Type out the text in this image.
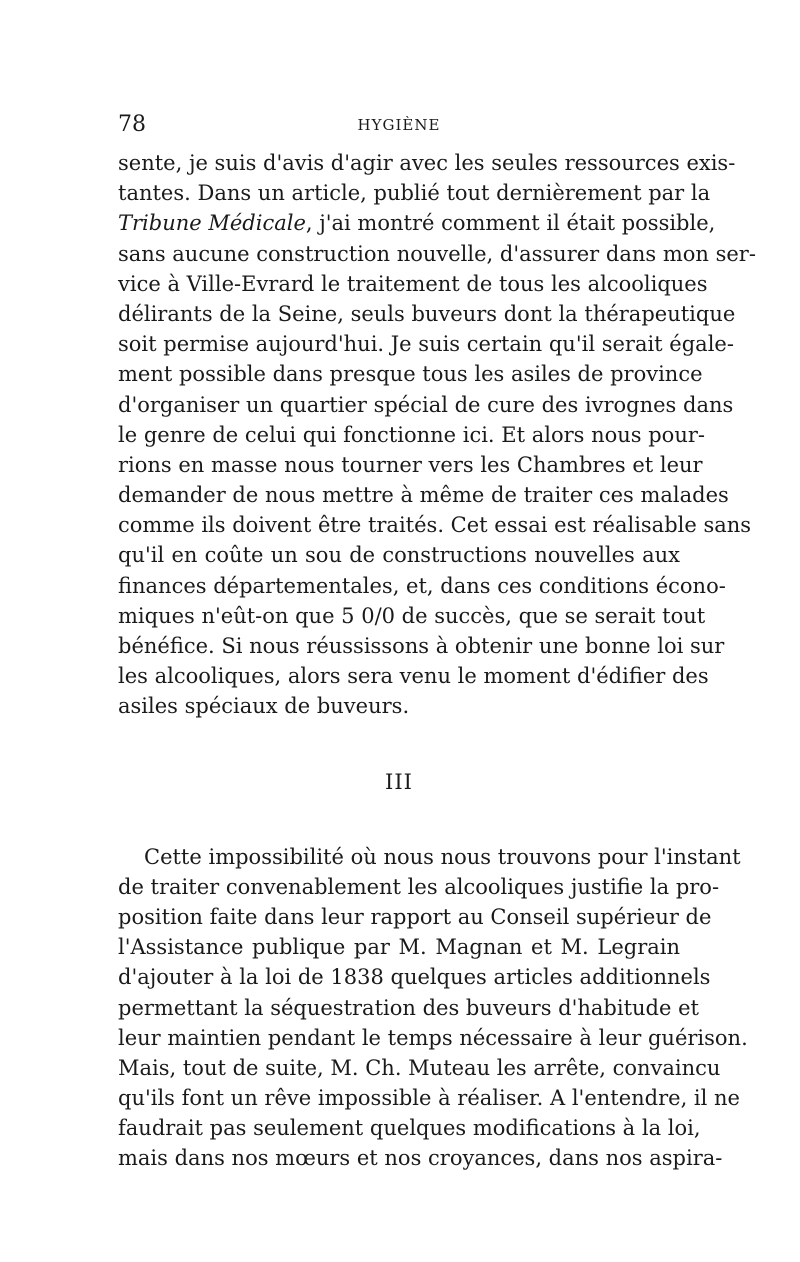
78	HYGIÈNE
sente, je suis d'avis d'agir avec les seules ressources exis-
tantes. Dans un article, publié tout dernièrement par la
Tribune Médicale, j'ai montré comment il était possible,
sans aucune construction nouvelle, d'assurer dans mon ser-
vice à Ville-Evrard le traitement de tous les alcooliques
délirants de la Seine, seuls buveurs dont la thérapeutique
soit permise aujourd'hui. Je suis certain qu'il serait égale-
ment possible dans presque tous les asiles de province
d'organiser un quartier spécial de cure des ivrognes dans
le genre de celui qui fonctionne ici. Et alors nous pour-
rions en masse nous tourner vers les Chambres et leur
demander de nous mettre à même de traiter ces malades
comme ils doivent être traités. Cet essai est réalisable sans
qu'il en coûte un sou de constructions nouvelles aux
finances départementales, et, dans ces conditions écono-
miques n'eût-on que 5 0/0 de succès, que se serait tout
bénéfice. Si nous réussissons à obtenir une bonne loi sur
les alcooliques, alors sera venu le moment d'édifier des
asiles spéciaux de buveurs.
III
Cette impossibilité où nous nous trouvons pour l'instant
de traiter convenablement les alcooliques justifie la pro-
position faite dans leur rapport au Conseil supérieur de
l'Assistance publique par M. Magnan et M. Legrain
d'ajouter à la loi de 1838 quelques articles additionnels
permettant la séquestration des buveurs d'habitude et
leur maintien pendant le temps nécessaire à leur guérison.
Mais, tout de suite, M. Ch. Muteau les arrête, convaincu
qu'ils font un rêve impossible à réaliser. A l'entendre, il ne
faudrait pas seulement quelques modifications à la loi,
mais dans nos mœurs et nos croyances, dans nos aspira-
